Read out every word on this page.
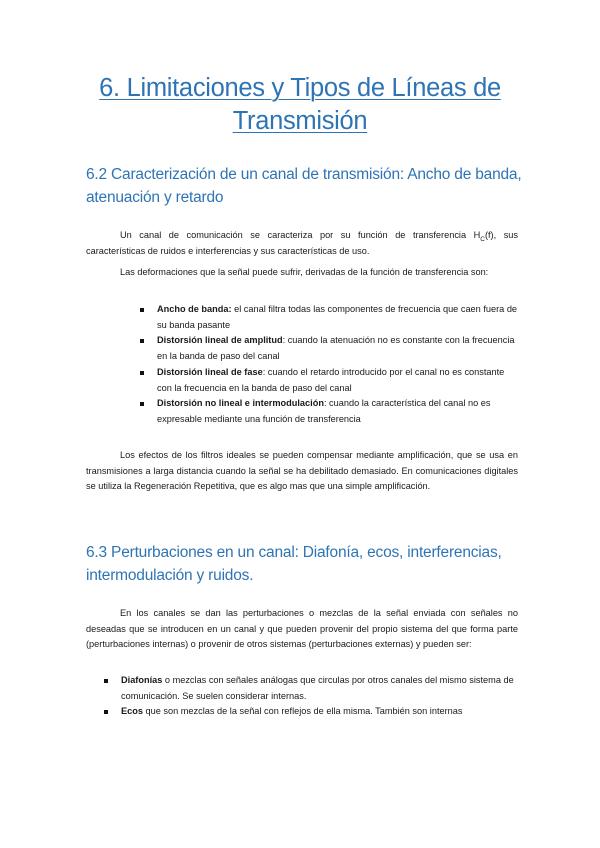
6. Limitaciones y Tipos de Líneas de
Transmisión
6.2 Caracterización de un canal de transmisión: Ancho de banda,
atenuación y retardo
Un canal de comunicación se caracteriza por su función de transferencia $H_C(f)$, sus características de ruidos e interferencias y sus características de uso.
Las deformaciones que la señal puede sufrir, derivadas de la función de transferencia son:
Ancho de banda: el canal filtra todas las componentes de frecuencia que caen fuera de su banda pasante
Distorsión lineal de amplitud: cuando la atenuación no es constante con la frecuencia en la banda de paso del canal
Distorsión lineal de fase: cuando el retardo introducido por el canal no es constante con la frecuencia en la banda de paso del canal
Distorsión no lineal e intermodulación: cuando la característica del canal no es expresable mediante una función de transferencia
Los efectos de los filtros ideales se pueden compensar mediante amplificación, que se usa en transmisiones a larga distancia cuando la señal se ha debilitado demasiado. En comunicaciones digitales se utiliza la Regeneración Repetitiva, que es algo mas que una simple amplificación.
6.3 Perturbaciones en un canal: Diafonía, ecos, interferencias,
intermodulación y ruidos.
En los canales se dan las perturbaciones o mezclas de la señal enviada con señales no deseadas que se introducen en un canal y que pueden provenir del propio sistema del que forma parte (perturbaciones internas) o provenir de otros sistemas (perturbaciones externas) y pueden ser:
Diafonías o mezclas con señales análogas que circulas por otros canales del mismo sistema de comunicación. Se suelen considerar internas.
Ecos que son mezclas de la señal con reflejos de ella misma. También son internas
